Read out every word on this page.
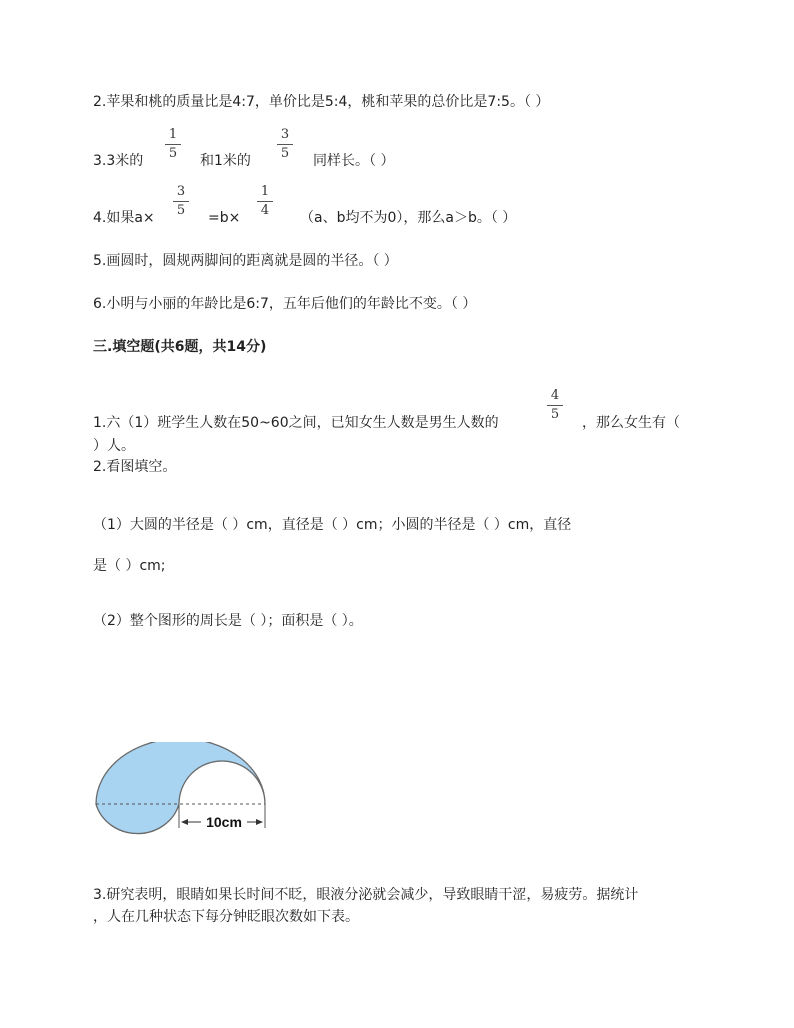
2.苹果和桃的质量比是4:7，单价比是5:4，桃和苹果的总价比是7:5。（ ）
3.3米的
1
5 和1米的
3
5 同样长。（ ）
4.如果a×
3
5 =b×
1
4 （a、b均不为0），那么a＞b。（ ）
5.画圆时，圆规两脚间的距离就是圆的半径。（ ）
6.小明与小丽的年龄比是6:7，五年后他们的年龄比不变。（ ）
三.填空题(共6题，共14分)
1.六（1）班学生人数在50~60之间，已知女生人数是男生人数的
4
5
，那么女生有（
）人。
2.看图填空。
（1）大圆的半径是（ ）cm，直径是（ ）cm；小圆的半径是（ ）cm，直径
是（ ）cm;
（2）整个图形的周长是（ ）；面积是（ ）。
10cm
3.研究表明，眼睛如果长时间不眨，眼液分泌就会减少，导致眼睛干涩，易疲劳。据统计
，人在几种状态下每分钟眨眼次数如下表。
